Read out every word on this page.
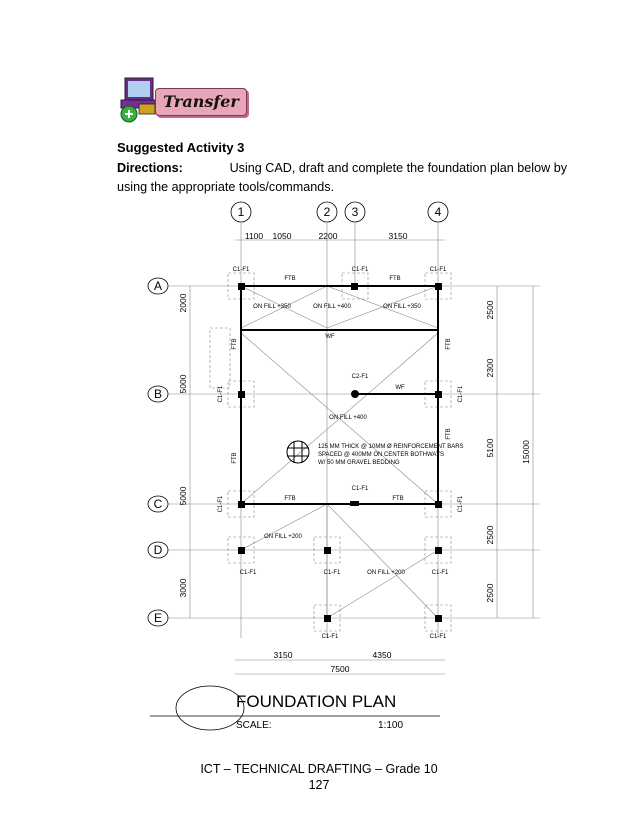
Transfer
Suggested Activity 3
Directions:	Using CAD, draft and complete the foundation plan below by
using the appropriate tools/commands.
1	2 3	4
A
B
C
D
E
1100 1050	2200	3150
3150	4350
7500
2000
5000
5000
3000
2500
2300
5100
2500
2500
15000
C1-F1	C1-F1	C1-F1
FTB	FTB
ON FILL +350	ON FILL +400	ON FILL +350
WF
C2-F1
WF
ON FILL +400
C1-F1
FTB	FTB
ON FILL +200
ON FILL +200
C1-F1	C1-F1	C1-F1
C1-F1	C1-F1
FTB
FTB
FTB
FTB
C1-F1
C1-F1
C1-F1
C1-F1
125 MM THICK @ 10MM Ø REINFORCEMENT BARS
SPACED @ 400MM ON CENTER BOTHWAYS
W/ 50 MM GRAVEL BEDDING
FOUNDATION PLAN
SCALE:	1:100
ICT – TECHNICAL DRAFTING – Grade 10
127
